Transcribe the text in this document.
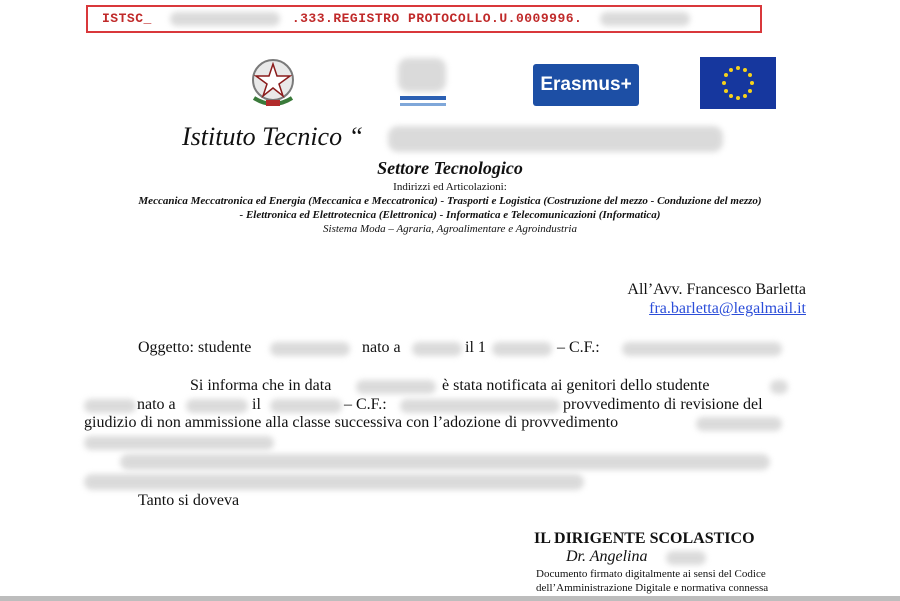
ISTSC_	.333.REGISTRO PROTOCOLLO.U.0009996.
Erasmus+
Istituto Tecnico “
Settore Tecnologico
Indirizzi ed Articolazioni:
Meccanica Meccatronica ed Energia (Meccanica e Meccatronica) - Trasporti e Logistica (Costruzione del mezzo - Conduzione del mezzo)
- Elettronica ed Elettrotecnica (Elettronica) - Informatica e Telecomunicazioni (Informatica)
Sistema Moda – Agraria, Agroalimentare e Agroindustria
All’Avv. Francesco Barletta
fra.barletta@legalmail.it
Oggetto: studente	nato a	il 1	– C.F.:
Si informa che in data	è stata notificata ai genitori dello studente
nato a	il	– C.F.:	provvedimento di revisione del
giudizio di non ammissione alla classe successiva con l’adozione di provvedimento
Tanto si doveva
IL DIRIGENTE SCOLASTICO
Dr. Angelina
Documento firmato digitalmente ai sensi del Codice
dell’Amministrazione Digitale e normativa connessa
